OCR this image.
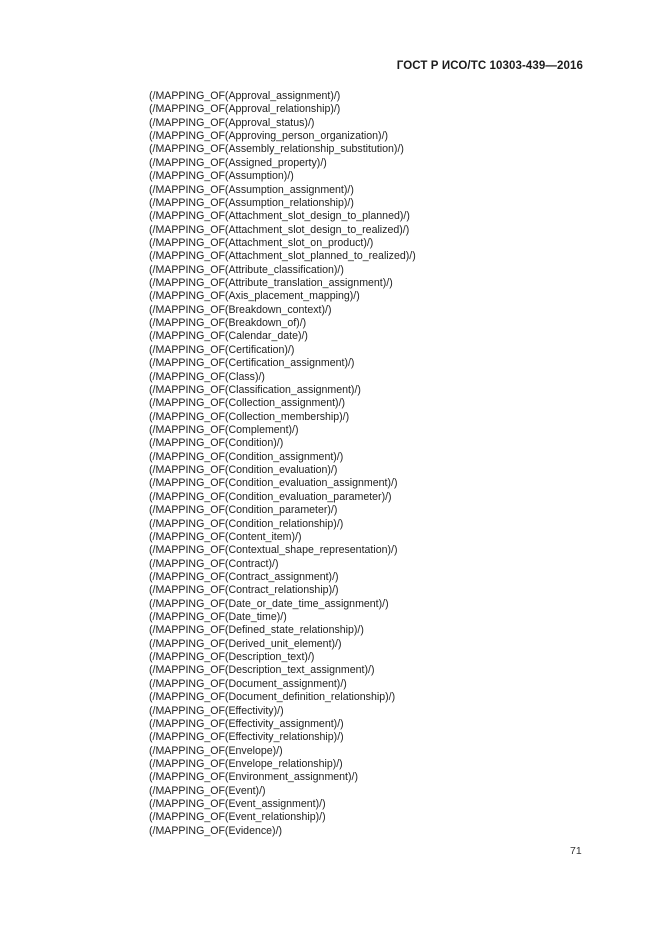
ГОСТ Р ИСО/ТС 10303-439—2016
(/MAPPING_OF(Approval_assignment)/)
(/MAPPING_OF(Approval_relationship)/)
(/MAPPING_OF(Approval_status)/)
(/MAPPING_OF(Approving_person_organization)/)
(/MAPPING_OF(Assembly_relationship_substitution)/)
(/MAPPING_OF(Assigned_property)/)
(/MAPPING_OF(Assumption)/)
(/MAPPING_OF(Assumption_assignment)/)
(/MAPPING_OF(Assumption_relationship)/)
(/MAPPING_OF(Attachment_slot_design_to_planned)/)
(/MAPPING_OF(Attachment_slot_design_to_realized)/)
(/MAPPING_OF(Attachment_slot_on_product)/)
(/MAPPING_OF(Attachment_slot_planned_to_realized)/)
(/MAPPING_OF(Attribute_classification)/)
(/MAPPING_OF(Attribute_translation_assignment)/)
(/MAPPING_OF(Axis_placement_mapping)/)
(/MAPPING_OF(Breakdown_context)/)
(/MAPPING_OF(Breakdown_of)/)
(/MAPPING_OF(Calendar_date)/)
(/MAPPING_OF(Certification)/)
(/MAPPING_OF(Certification_assignment)/)
(/MAPPING_OF(Class)/)
(/MAPPING_OF(Classification_assignment)/)
(/MAPPING_OF(Collection_assignment)/)
(/MAPPING_OF(Collection_membership)/)
(/MAPPING_OF(Complement)/)
(/MAPPING_OF(Condition)/)
(/MAPPING_OF(Condition_assignment)/)
(/MAPPING_OF(Condition_evaluation)/)
(/MAPPING_OF(Condition_evaluation_assignment)/)
(/MAPPING_OF(Condition_evaluation_parameter)/)
(/MAPPING_OF(Condition_parameter)/)
(/MAPPING_OF(Condition_relationship)/)
(/MAPPING_OF(Content_item)/)
(/MAPPING_OF(Contextual_shape_representation)/)
(/MAPPING_OF(Contract)/)
(/MAPPING_OF(Contract_assignment)/)
(/MAPPING_OF(Contract_relationship)/)
(/MAPPING_OF(Date_or_date_time_assignment)/)
(/MAPPING_OF(Date_time)/)
(/MAPPING_OF(Defined_state_relationship)/)
(/MAPPING_OF(Derived_unit_element)/)
(/MAPPING_OF(Description_text)/)
(/MAPPING_OF(Description_text_assignment)/)
(/MAPPING_OF(Document_assignment)/)
(/MAPPING_OF(Document_definition_relationship)/)
(/MAPPING_OF(Effectivity)/)
(/MAPPING_OF(Effectivity_assignment)/)
(/MAPPING_OF(Effectivity_relationship)/)
(/MAPPING_OF(Envelope)/)
(/MAPPING_OF(Envelope_relationship)/)
(/MAPPING_OF(Environment_assignment)/)
(/MAPPING_OF(Event)/)
(/MAPPING_OF(Event_assignment)/)
(/MAPPING_OF(Event_relationship)/)
(/MAPPING_OF(Evidence)/)
71
